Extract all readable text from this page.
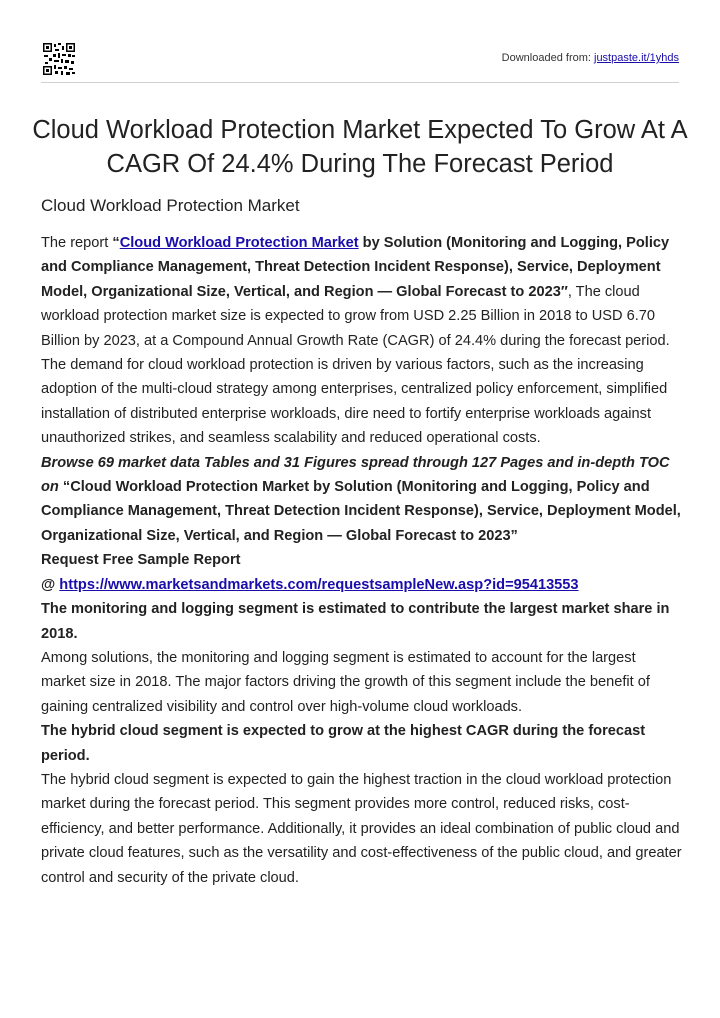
Downloaded from: justpaste.it/1yhds
Cloud Workload Protection Market Expected To Grow At A CAGR Of 24.4% During The Forecast Period
Cloud Workload Protection Market

The report “Cloud Workload Protection Market by Solution (Monitoring and Logging, Policy and Compliance Management, Threat Detection Incident Response), Service, Deployment Model, Organizational Size, Vertical, and Region — Global Forecast to 2023″, The cloud workload protection market size is expected to grow from USD 2.25 Billion in 2018 to USD 6.70 Billion by 2023, at a Compound Annual Growth Rate (CAGR) of 24.4% during the forecast period. The demand for cloud workload protection is driven by various factors, such as the increasing adoption of the multi-cloud strategy among enterprises, centralized policy enforcement, simplified installation of distributed enterprise workloads, dire need to fortify enterprise workloads against unauthorized strikes, and seamless scalability and reduced operational costs.

Browse 69 market data Tables and 31 Figures spread through 127 Pages and in-depth TOC on “Cloud Workload Protection Market by Solution (Monitoring and Logging, Policy and Compliance Management, Threat Detection Incident Response), Service, Deployment Model, Organizational Size, Vertical, and Region — Global Forecast to 2023”

Request Free Sample Report

@ https://www.marketsandmarkets.com/requestsampleNew.asp?id=95413553

The monitoring and logging segment is estimated to contribute the largest market share in 2018.

Among solutions, the monitoring and logging segment is estimated to account for the largest market size in 2018. The major factors driving the growth of this segment include the benefit of gaining centralized visibility and control over high-volume cloud workloads.

The hybrid cloud segment is expected to grow at the highest CAGR during the forecast period.

The hybrid cloud segment is expected to gain the highest traction in the cloud workload protection market during the forecast period. This segment provides more control, reduced risks, cost-efficiency, and better performance. Additionally, it provides an ideal combination of public cloud and private cloud features, such as the versatility and cost-effectiveness of the public cloud, and greater control and security of the private cloud.
